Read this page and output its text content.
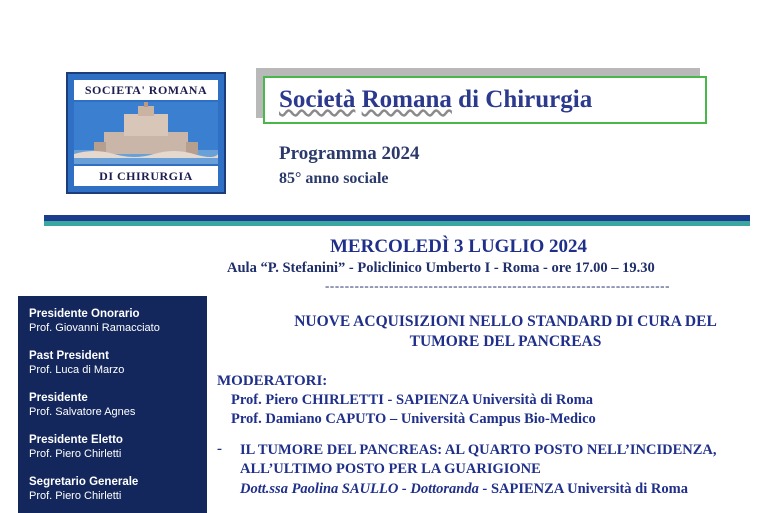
SOCIETA' ROMANA
DI CHIRURGIA
Società Romana di Chirurgia
Programma 2024
85° anno sociale
MERCOLEDÌ 3 LUGLIO 2024
Aula “P. Stefanini” - Policlinico Umberto I - Roma - ore 17.00 – 19.30
----------------------------------------------------------------------
Presidente Onorario
Prof. Giovanni Ramacciato
Past President
Prof. Luca di Marzo
Presidente
Prof. Salvatore Agnes
Presidente Eletto
Prof. Piero Chirletti
Segretario Generale
Prof. Piero Chirletti
NUOVE ACQUISIZIONI NELLO STANDARD DI CURA DEL
TUMORE DEL PANCREAS
MODERATORI:
Prof. Piero CHIRLETTI - SAPIENZA Università di Roma
Prof. Damiano CAPUTO – Università Campus Bio-Medico
- IL TUMORE DEL PANCREAS: AL QUARTO POSTO NELL’INCIDENZA,
ALL’ULTIMO POSTO PER LA GUARIGIONE
Dott.ssa Paolina SAULLO - Dottoranda - SAPIENZA Università di Roma
